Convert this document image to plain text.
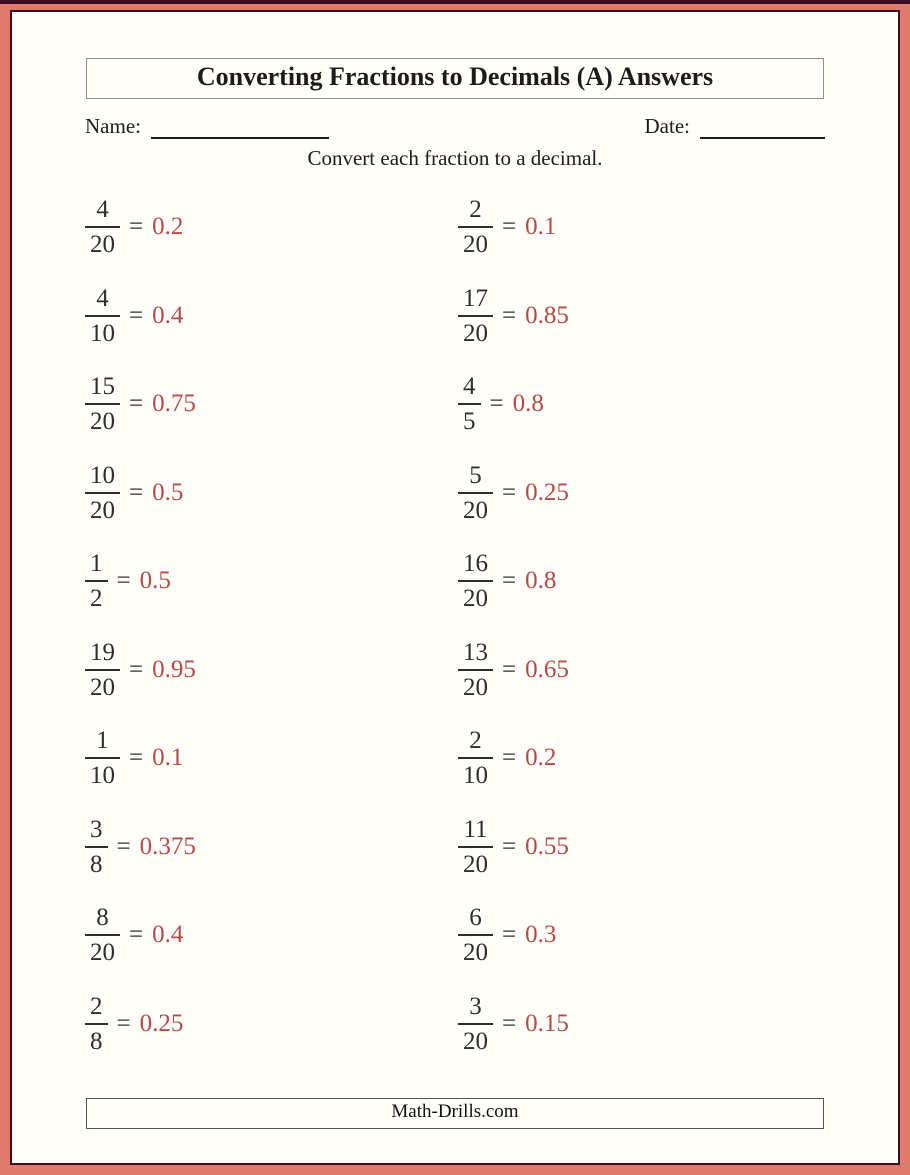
Converting Fractions to Decimals (A) Answers
Name:	Date:
Convert each fraction to a decimal.
$\frac{4}{20} = 0.2$	$\frac{2}{20} = 0.1$
$\frac{4}{10} = 0.4$	$\frac{17}{20} = 0.85$
$\frac{15}{20} = 0.75$	$\frac{4}{5} = 0.8$
$\frac{10}{20} = 0.5$	$\frac{5}{20} = 0.25$
$\frac{1}{2} = 0.5$	$\frac{16}{20} = 0.8$
$\frac{19}{20} = 0.95$	$\frac{13}{20} = 0.65$
$\frac{1}{10} = 0.1$	$\frac{2}{10} = 0.2$
$\frac{3}{8} = 0.375$	$\frac{11}{20} = 0.55$
$\frac{8}{20} = 0.4$	$\frac{6}{20} = 0.3$
$\frac{2}{8} = 0.25$	$\frac{3}{20} = 0.15$
Math-Drills.com
